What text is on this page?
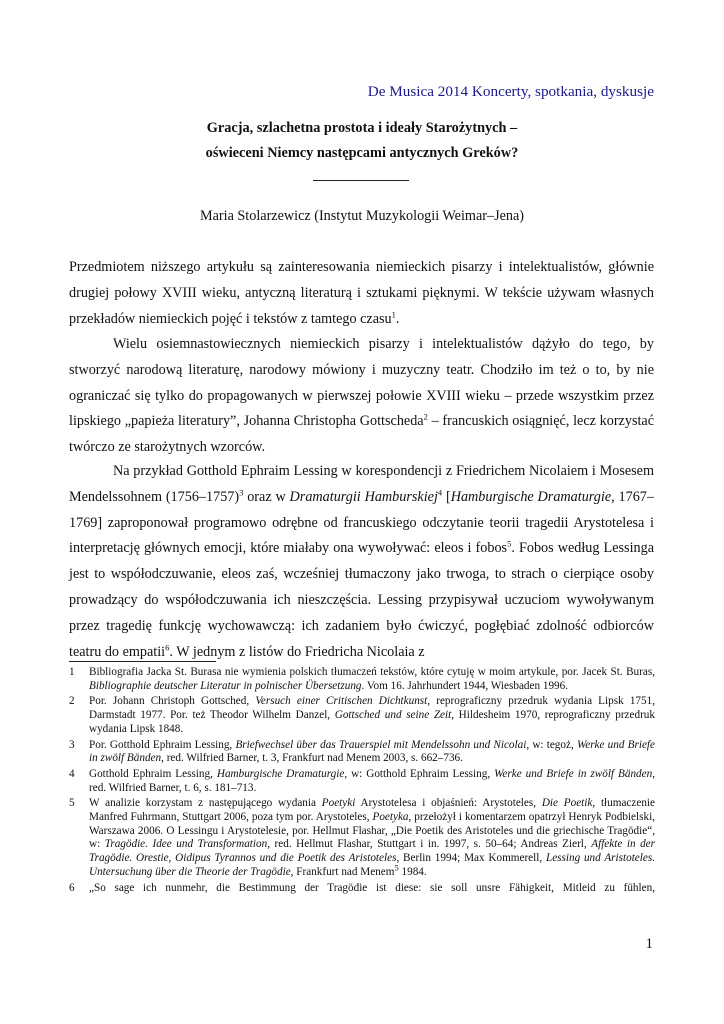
De Musica 2014 Koncerty, spotkania, dyskusje
Gracja, szlachetna prostota i ideały Starożytnych –
oświeceni Niemcy następcami antycznych Greków?
Maria Stolarzewicz (Instytut Muzykologii Weimar–Jena)

Przedmiotem niższego artykułu są zainteresowania niemieckich pisarzy i intelektualistów, głównie drugiej połowy XVIII wieku, antyczną literaturą i sztukami pięknymi. W tekście używam własnych przekładów niemieckich pojęć i tekstów z tamtego czasu$^1$.

Wielu osiemnastowiecznych niemieckich pisarzy i intelektualistów dążyło do tego, by stworzyć narodową literaturę, narodowy mówiony i muzyczny teatr. Chodziło im też o to, by nie ograniczać się tylko do propagowanych w pierwszej połowie XVIII wieku – przede wszystkim przez lipskiego „papieża literatury”, Johanna Christopha Gottscheda$^2$ – francuskich osiągnięć, lecz korzystać twórczo ze starożytnych wzorców.

Na przykład Gotthold Ephraim Lessing w korespondencji z Friedrichem Nicolaiem i Mosesem Mendelssohnem (1756–1757)$^3$ oraz w Dramaturgii Hamburskiej$^4$ [Hamburgische Dramaturgie, 1767–1769] zaproponował programowo odrębne od francuskiego odczytanie teorii tragedii Arystotelesa i interpretację głównych emocji, które miałaby ona wywoływać: eleos i fobos$^5$. Fobos według Lessinga jest to współodczuwanie, eleos zaś, wcześniej tłumaczony jako trwoga, to strach o cierpiące osoby prowadzący do współodczuwania ich nieszczęścia. Lessing przypisywał uczuciom wywoływanym przez tragedię funkcję wychowawczą: ich zadaniem było ćwiczyć, pogłębiać zdolność odbiorców teatru do empatii$^6$. W jednym z listów do Friedricha Nicolaia z

1	Bibliografia Jacka St. Burasa nie wymienia polskich tłumaczeń tekstów, które cytuję w moim artykule, por. Jacek St. Buras, Bibliographie deutscher Literatur in polnischer Übersetzung. Vom 16. Jahrhundert 1944, Wiesbaden 1996.
2	Por. Johann Christoph Gottsched, Versuch einer Critischen Dichtkunst, reprograficzny przedruk wydania Lipsk 1751, Darmstadt 1977. Por. też Theodor Wilhelm Danzel, Gottsched und seine Zeit, Hildesheim 1970, reprograficzny przedruk wydania Lipsk 1848.
3	Por. Gotthold Ephraim Lessing, Briefwechsel über das Trauerspiel mit Mendelssohn und Nicolai, w: tegoż, Werke und Briefe in zwölf Bänden, red. Wilfried Barner, t. 3, Frankfurt nad Menem 2003, s. 662–736.
4	Gotthold Ephraim Lessing, Hamburgische Dramaturgie, w: Gotthold Ephraim Lessing, Werke und Briefe in zwölf Bänden, red. Wilfried Barner, t. 6, s. 181–713.
5	W analizie korzystam z następującego wydania Poetyki Arystotelesa i objaśnień: Arystoteles, Die Poetik, tłumaczenie Manfred Fuhrmann, Stuttgart 2006, poza tym por. Arystoteles, Poetyka, przełożył i komentarzem opatrzył Henryk Podbielski, Warszawa 2006. O Lessingu i Arystotelesie, por. Hellmut Flashar, „Die Poetik des Aristoteles und die griechische Tragödie“, w: Tragödie. Idee und Transformation, red. Hellmut Flashar, Stuttgart i in. 1997, s. 50–64; Andreas Zierl, Affekte in der Tragödie. Orestie, Oidipus Tyrannos und die Poetik des Aristoteles, Berlin 1994; Max Kommerell, Lessing und Aristoteles. Untersuchung über die Theorie der Tragödie, Frankfurt nad Menem$^5$ 1984.
6	„So sage ich nunmehr, die Bestimmung der Tragödie ist diese: sie soll unsre Fähigkeit, Mitleid zu fühlen,
1
